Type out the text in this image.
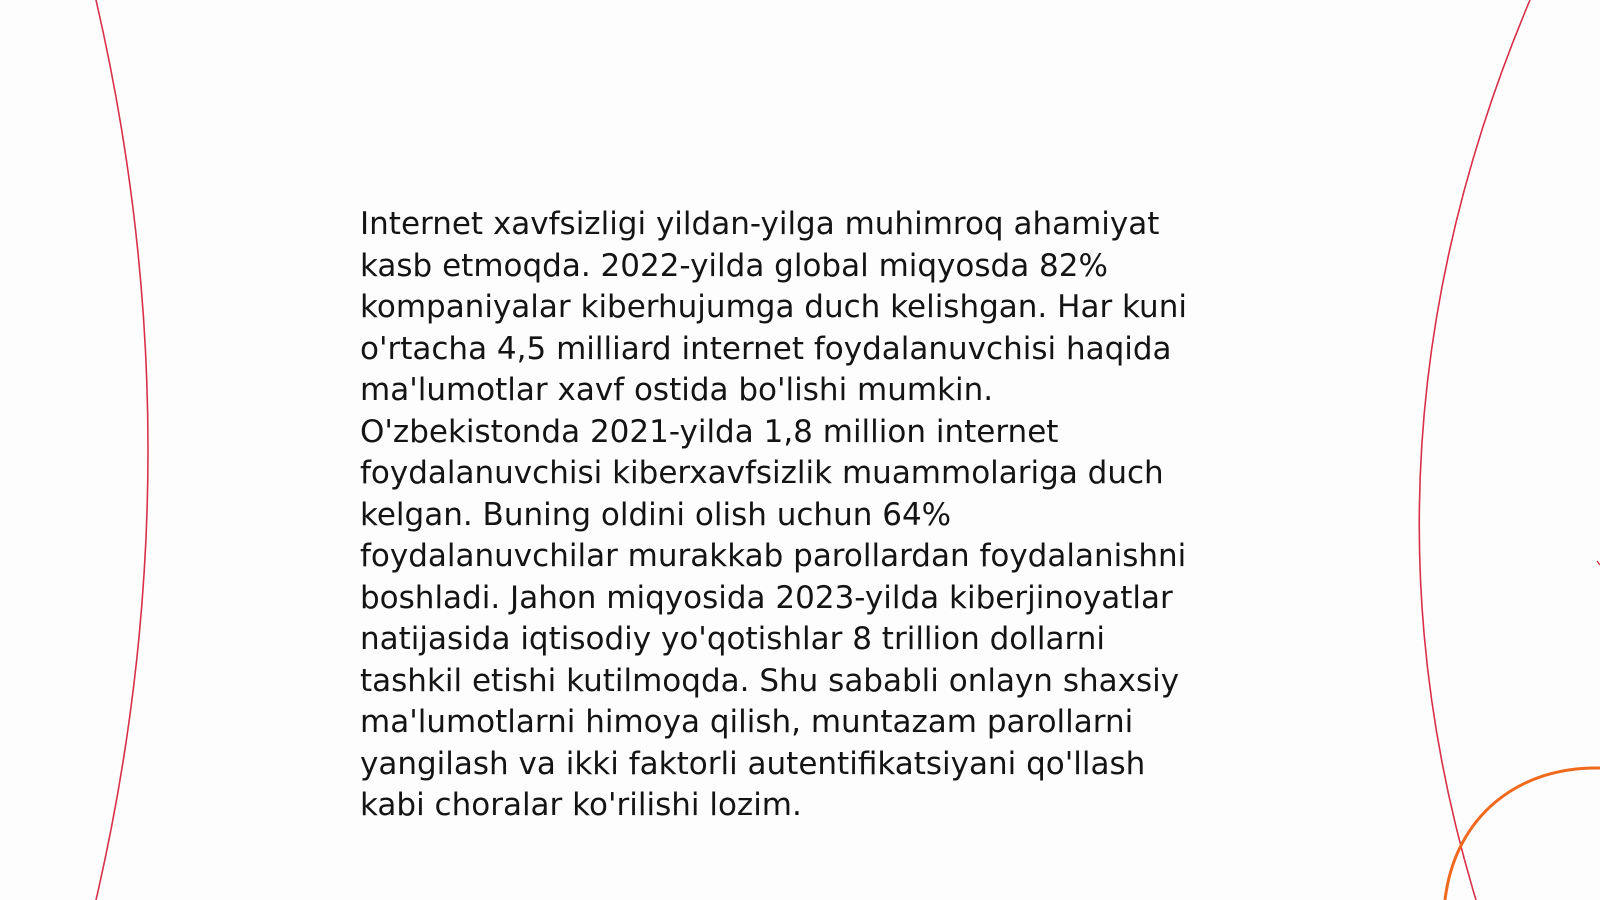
Internet xavfsizligi yildan-yilga muhimroq ahamiyat
kasb etmoqda. 2022-yilda global miqyosda 82%
kompaniyalar kiberhujumga duch kelishgan. Har kuni
o'rtacha 4,5 milliard internet foydalanuvchisi haqida
ma'lumotlar xavf ostida bo'lishi mumkin.
O'zbekistonda 2021-yilda 1,8 million internet
foydalanuvchisi kiberxavfsizlik muammolariga duch
kelgan. Buning oldini olish uchun 64%
foydalanuvchilar murakkab parollardan foydalanishni
boshladi. Jahon miqyosida 2023-yilda kiberjinoyatlar
natijasida iqtisodiy yo'qotishlar 8 trillion dollarni
tashkil etishi kutilmoqda. Shu sababli onlayn shaxsiy
ma'lumotlarni himoya qilish, muntazam parollarni
yangilash va ikki faktorli autentifikatsiyani qo'llash
kabi choralar ko'rilishi lozim.
